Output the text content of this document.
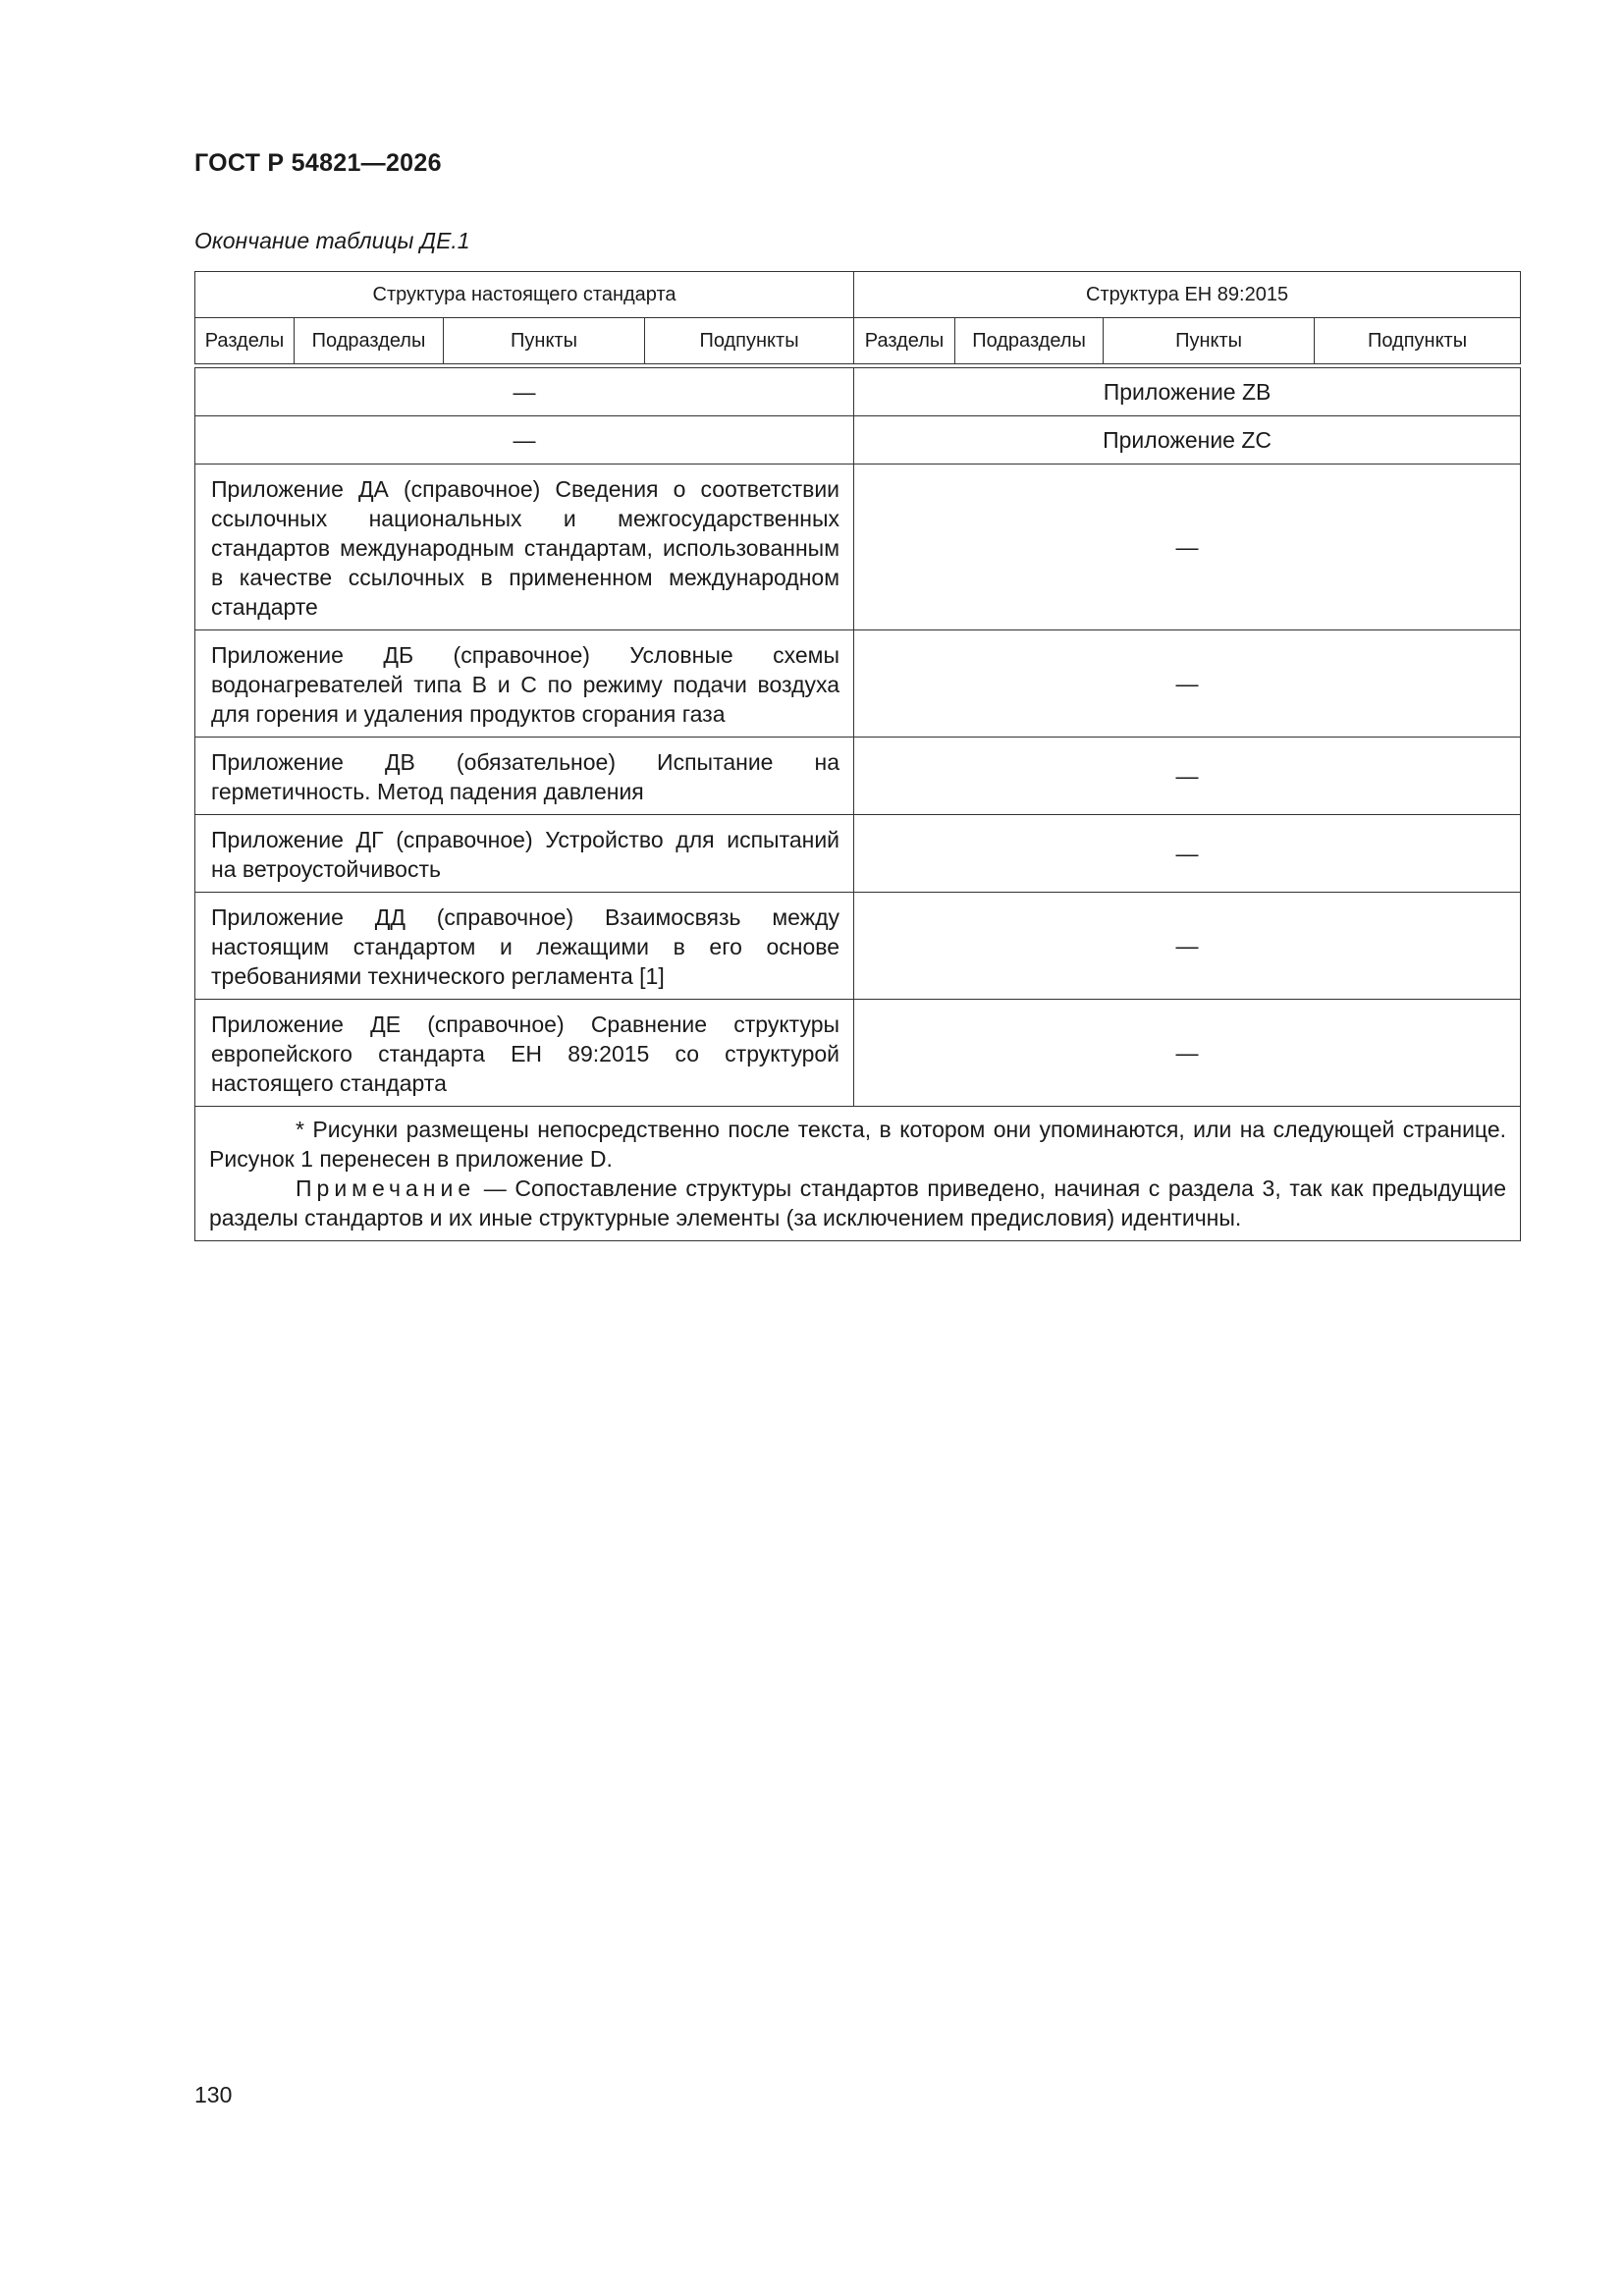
ГОСТ Р 54821—2026
Окончание таблицы ДЕ.1
Структура настоящего стандарта				Структура ЕН 89:2015			
Разделы	Подразделы	Пункты	Подпункты	Разделы	Подразделы	Пункты	Подпункты

—				Приложение ZB			
—				Приложение ZC			
Приложение ДА (справочное) Сведения о соответствии ссылочных национальных и межгосударственных стандартов международным стандартам, использованным в качестве ссылочных в примененном международном стандарте				—			
Приложение ДБ (справочное) Условные схемы водонагревателей типа В и С по режиму подачи воздуха для горения и удаления продуктов сгорания газа				—			
Приложение ДВ (обязательное) Испытание на герметичность. Метод падения давления				—			
Приложение ДГ (справочное) Устройство для испытаний на ветроустойчивость				—			
Приложение ДД (справочное) Взаимосвязь между настоящим стандартом и лежащими в его основе требованиями технического регламента [1]				—			
Приложение ДЕ (справочное) Сравнение структуры европейского стандарта ЕН 89:2015 со структурой настоящего стандарта				—			

* Рисунки размещены непосредственно после текста, в котором они упоминаются, или на следующей странице. Рисунок 1 перенесен в приложение D.
Примечание — Сопоставление структуры стандартов приведено, начиная с раздела 3, так как предыдущие разделы стандартов и их иные структурные элементы (за исключением предисловия) идентичны.							
130
